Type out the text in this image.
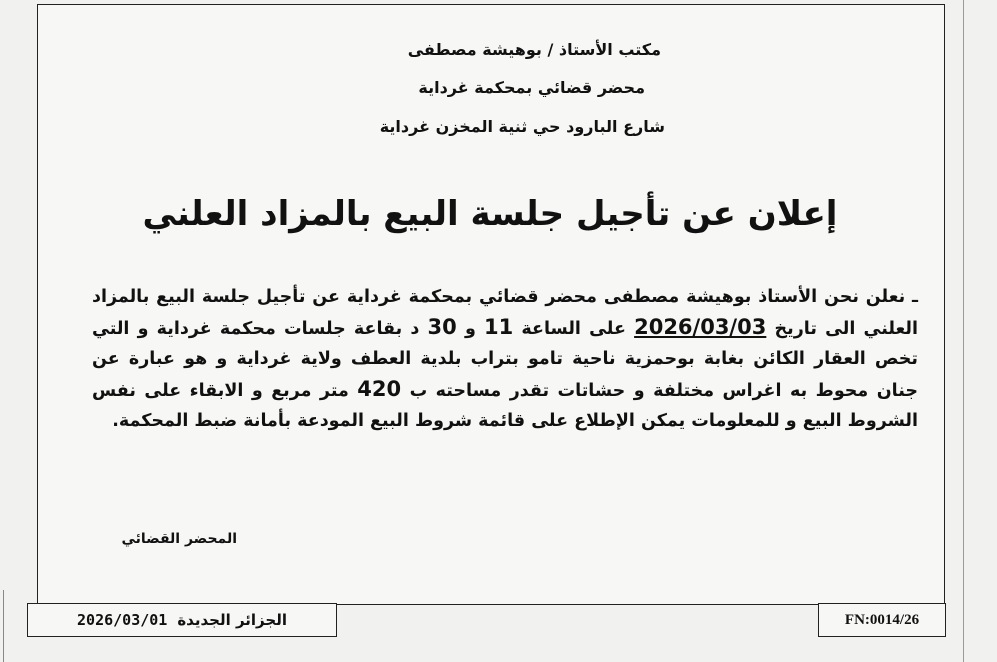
مكتب الأستاذ / بوهيشة مصطفى
محضر قضائي بمحكمة غرداية
شارع البارود حي ثنية المخزن غرداية
إعلان عن تأجيل جلسة البيع بالمزاد العلني
ـ نعلن نحن الأستاذ بوهيشة مصطفى محضر قضائي بمحكمة غرداية عن تأجيل جلسة البيع بالمزاد العلني الى تاريخ 2026/03/03 على الساعة 11 و 30 د بقاعة جلسات محكمة غرداية و التي تخص العقار الكائن بغابة بوحمزية ناحية تامو بتراب بلدية العطف ولاية غرداية و هو عبارة عن جنان محوط به اغراس مختلفة و حشاتات تقدر مساحته ب 420 متر مربع و الابقاء على نفس الشروط البيع و للمعلومات يمكن الإطلاع على قائمة شروط البيع المودعة بأمانة ضبط المحكمة.
المحضر القضائي
2026/03/01 الجزائر الجديدة	FN:0014/26
